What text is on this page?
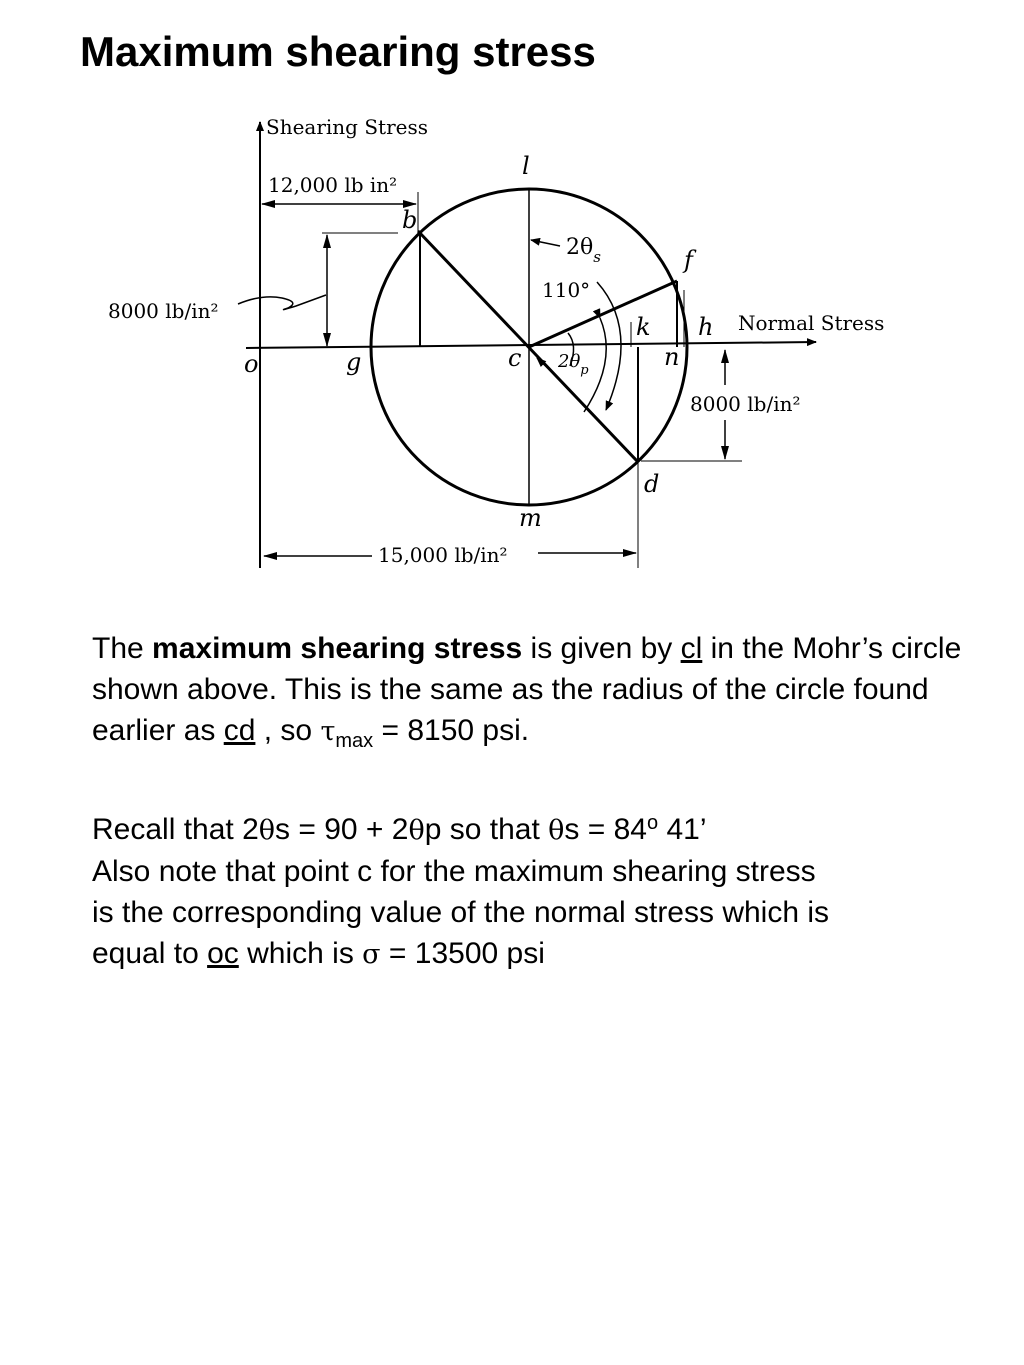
Maximum shearing stress
Shearing Stress
Normal Stress
12,000 lb in²
8000 lb/in²
8000 lb/in²
15,000 lb/in²
$2\theta_s$
110°
$2\theta_p$
o	g	c
l
m
b
d
f
k h
n

The maximum shearing stress is given by cl in the Mohr’s circle shown above. This is the same as the radius of the circle found earlier as cd , so $\tau_{max} = 8150$ psi.

Recall that 2θs = 90 + 2θp so that $\theta s = 84^o$ 41’

Also note that point c for the maximum shearing stress

is the corresponding value of the normal stress which is

equal to oc which is σ = 13500 psi
